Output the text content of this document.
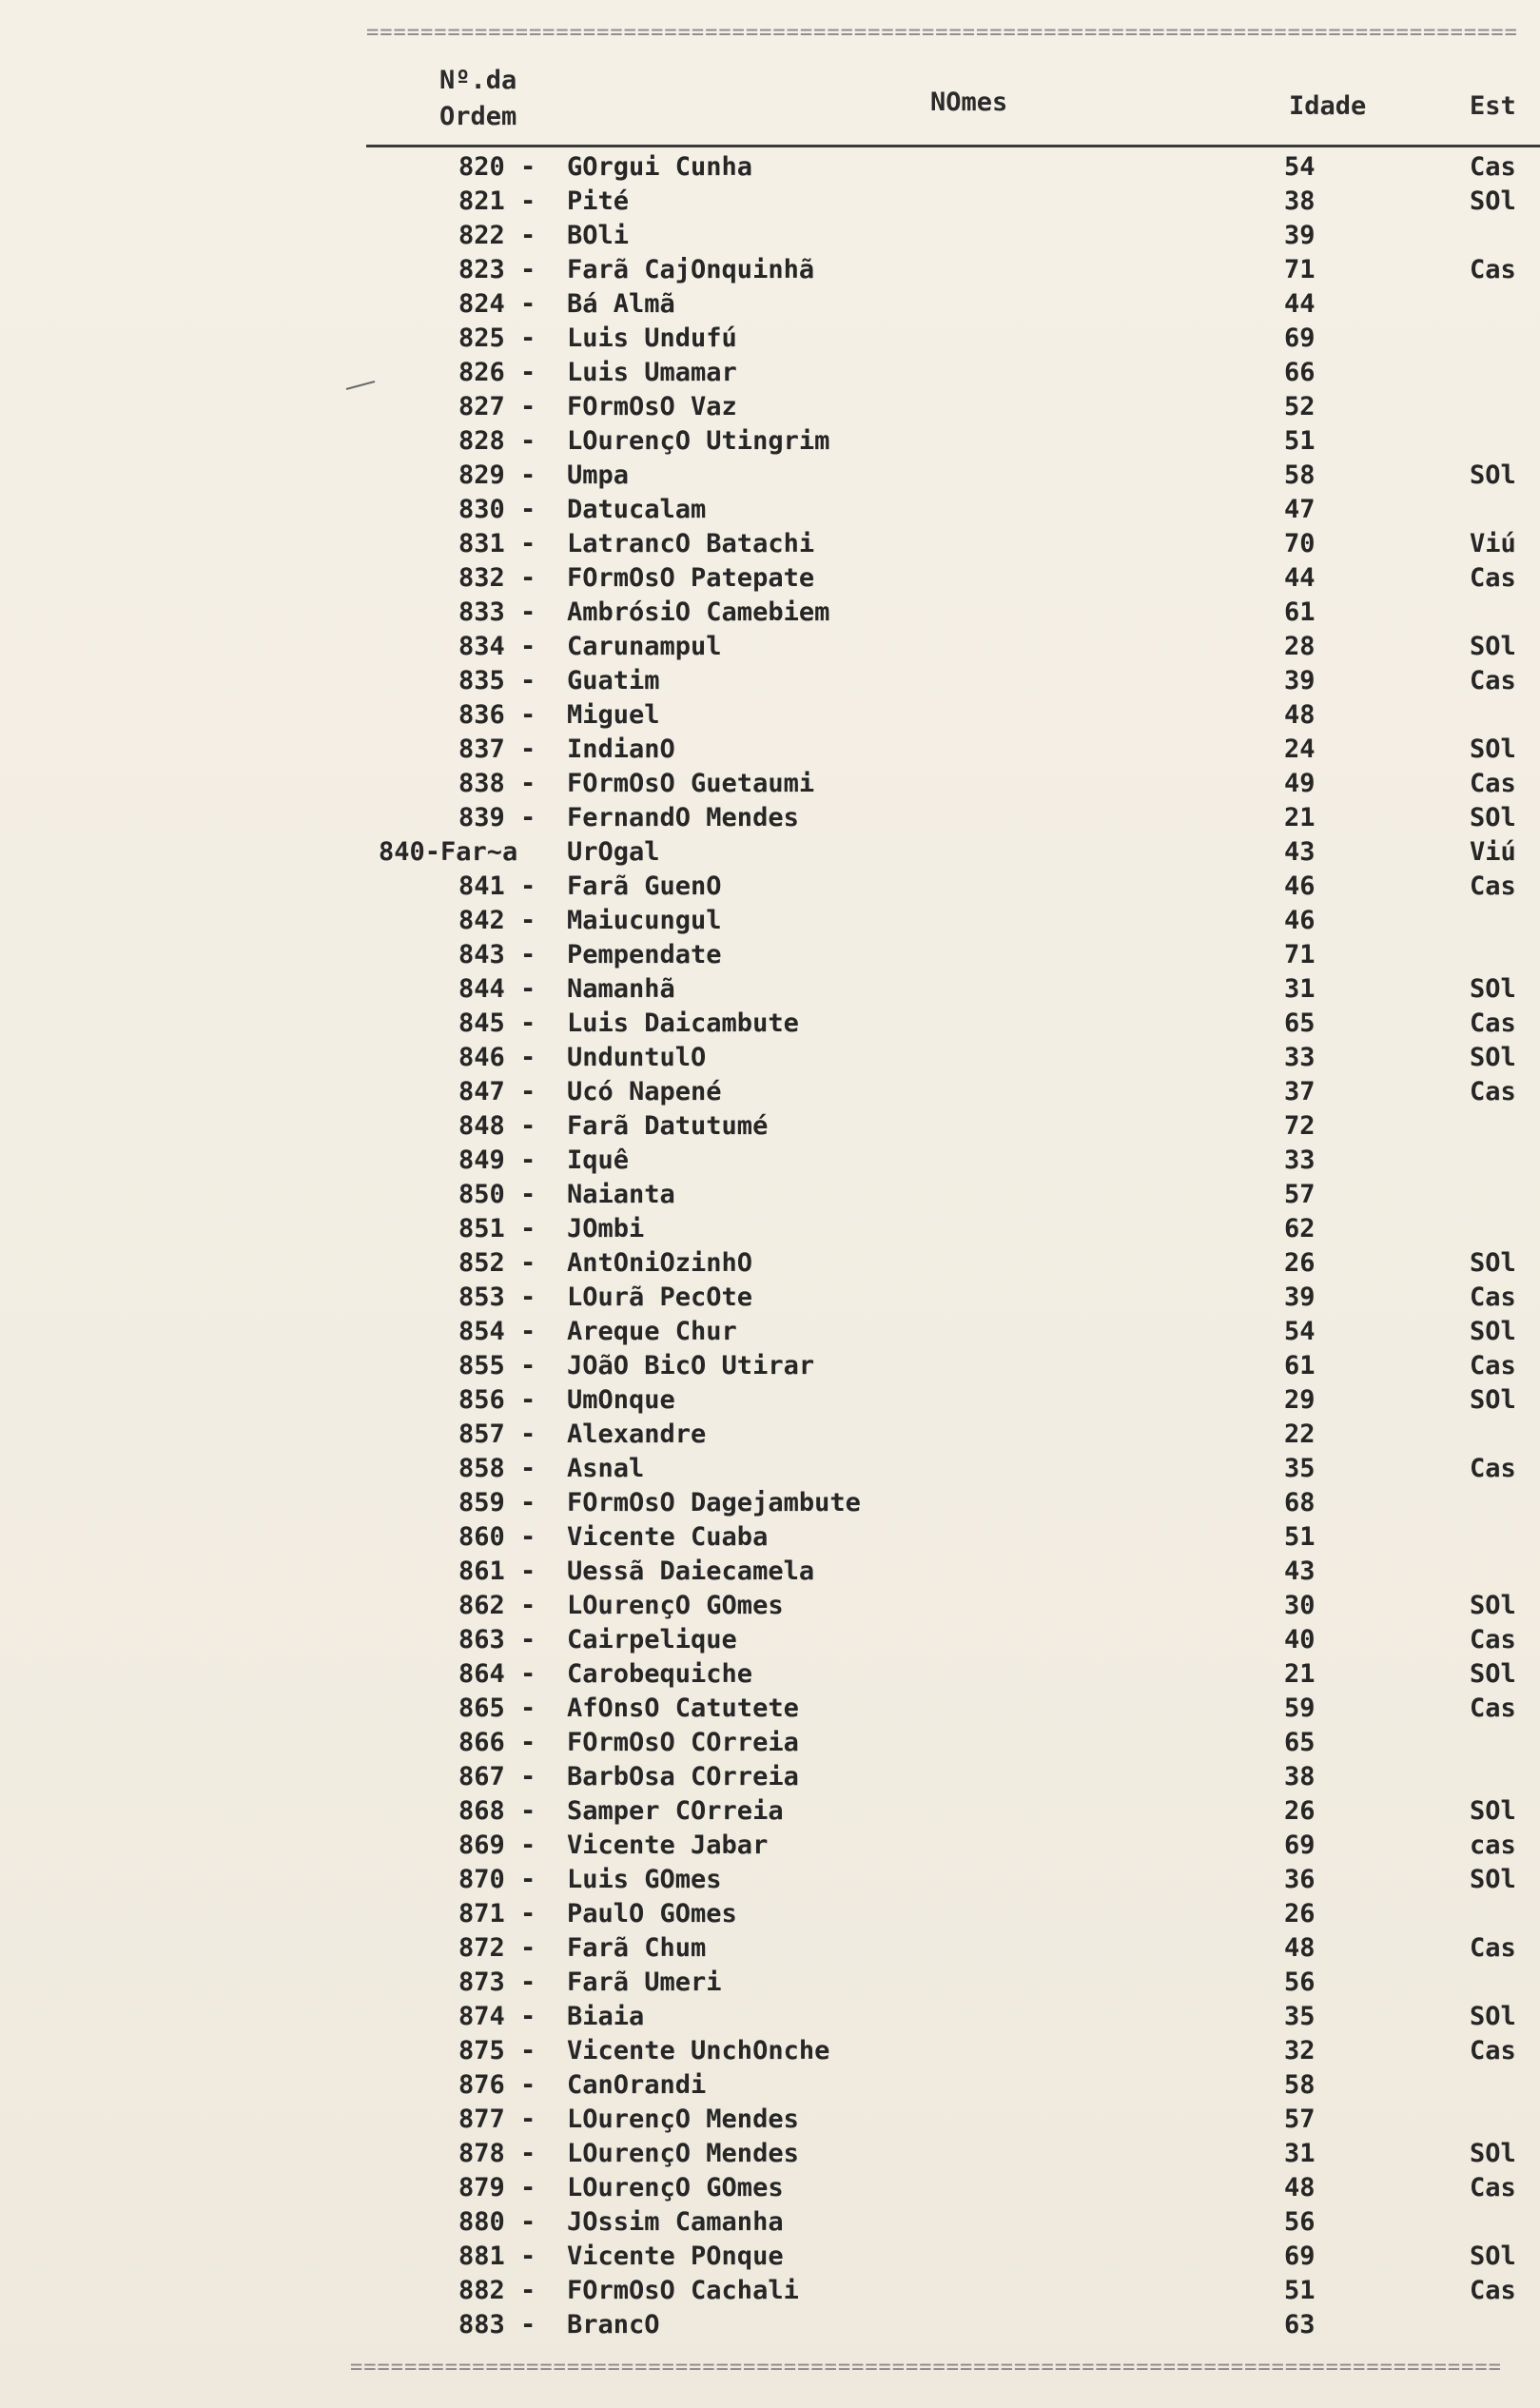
=====================================================================================
Nº.da
Ordem	NOmes	Idade	Est
820 - GOrgui Cunha	54	Cas
821 - Pité	38	SOl
822 - BOli	39
823 - Farã CajOnquinhã	71	Cas
824 - Bá Almã	44
825 - Luis Undufú	69
826 - Luis Umamar	66
827 - FOrmOsO Vaz	52
828 - LOurençO Utingrim	51
829 - Umpa	58	SOl
830 - Datucalam	47
831 - LatrancO Batachi	70	Viú
832 - FOrmOsO Patepate	44	Cas
833 - AmbrósiO Camebiem	61
834 - Carunampul	28	SOl
835 - Guatim	39	Cas
836 - Miguel	48
837 - IndianO	24	SOl
838 - FOrmOsO Guetaumi	49	Cas
839 - FernandO Mendes	21	SOl
840-Far~a UrOgal	43	Viú
841 - Farã GuenO	46	Cas
842 - Maiucungul	46
843 - Pempendate	71
844 - Namanhã	31	SOl
845 - Luis Daicambute	65	Cas
846 - UnduntulO	33	SOl
847 - Ucó Napené	37	Cas
848 - Farã Datutumé	72
849 - Iquê	33
850 - Naianta	57
851 - JOmbi	62
852 - AntOniOzinhO	26	SOl
853 - LOurã PecOte	39	Cas
854 - Areque Chur	54	SOl
855 - JOãO BicO Utirar	61	Cas
856 - UmOnque	29	SOl
857 - Alexandre	22
858 - Asnal	35	Cas
859 - FOrmOsO Dagejambute	68
860 - Vicente Cuaba	51
861 - Uessã Daiecamela	43
862 - LOurençO GOmes	30	SOl
863 - Cairpelique	40	Cas
864 - Carobequiche	21	SOl
865 - AfOnsO Catutete	59	Cas
866 - FOrmOsO COrreia	65
867 - BarbOsa COrreia	38
868 - Samper COrreia	26	SOl
869 - Vicente Jabar	69	cas
870 - Luis GOmes	36	SOl
871 - PaulO GOmes	26
872 - Farã Chum	48	Cas
873 - Farã Umeri	56
874 - Biaia	35	SOl
875 - Vicente UnchOnche	32	Cas
876 - CanOrandi	58
877 - LOurençO Mendes	57
878 - LOurençO Mendes	31	SOl
879 - LOurençO GOmes	48	Cas
880 - JOssim Camanha	56
881 - Vicente POnque	69	SOl
882 - FOrmOsO Cachali	51	Cas
883 - BrancO	63
=====================================================================================
